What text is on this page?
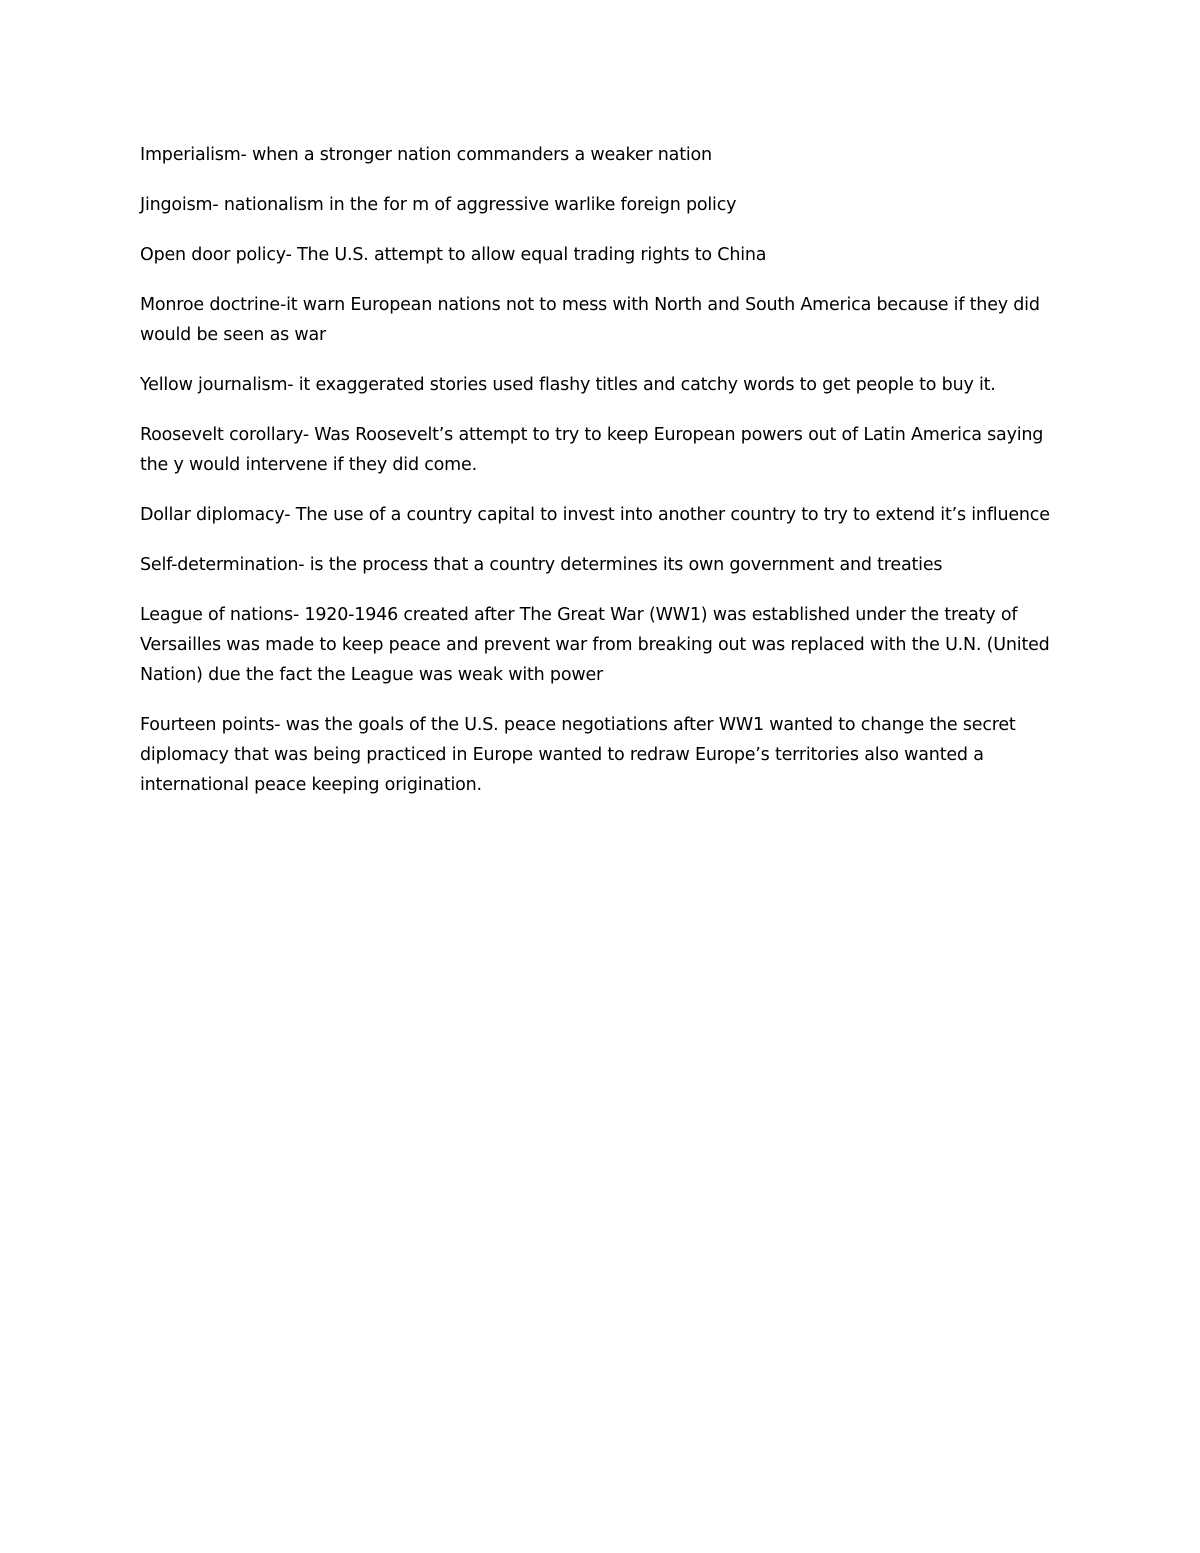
Imperialism- when a stronger nation commanders a weaker nation

Jingoism- nationalism in the for m of aggressive warlike foreign policy

Open door policy- The U.S. attempt to allow equal trading rights to China

Monroe doctrine-it warn European nations not to mess with North and South America because if they did would be seen as war

Yellow journalism- it exaggerated stories used flashy titles and catchy words to get people to buy it.

Roosevelt corollary- Was Roosevelt’s attempt to try to keep European powers out of Latin America saying the y would intervene if they did come.

Dollar diplomacy- The use of a country capital to invest into another country to try to extend it’s influence

Self-determination- is the process that a country determines its own government and treaties

League of nations- 1920-1946 created after The Great War (WW1) was established under the treaty of Versailles was made to keep peace and prevent war from breaking out was replaced with the U.N. (United Nation) due the fact the League was weak with power

Fourteen points- was the goals of the U.S. peace negotiations after WW1 wanted to change the secret diplomacy that was being practiced in Europe wanted to redraw Europe’s territories also wanted a international peace keeping origination.
